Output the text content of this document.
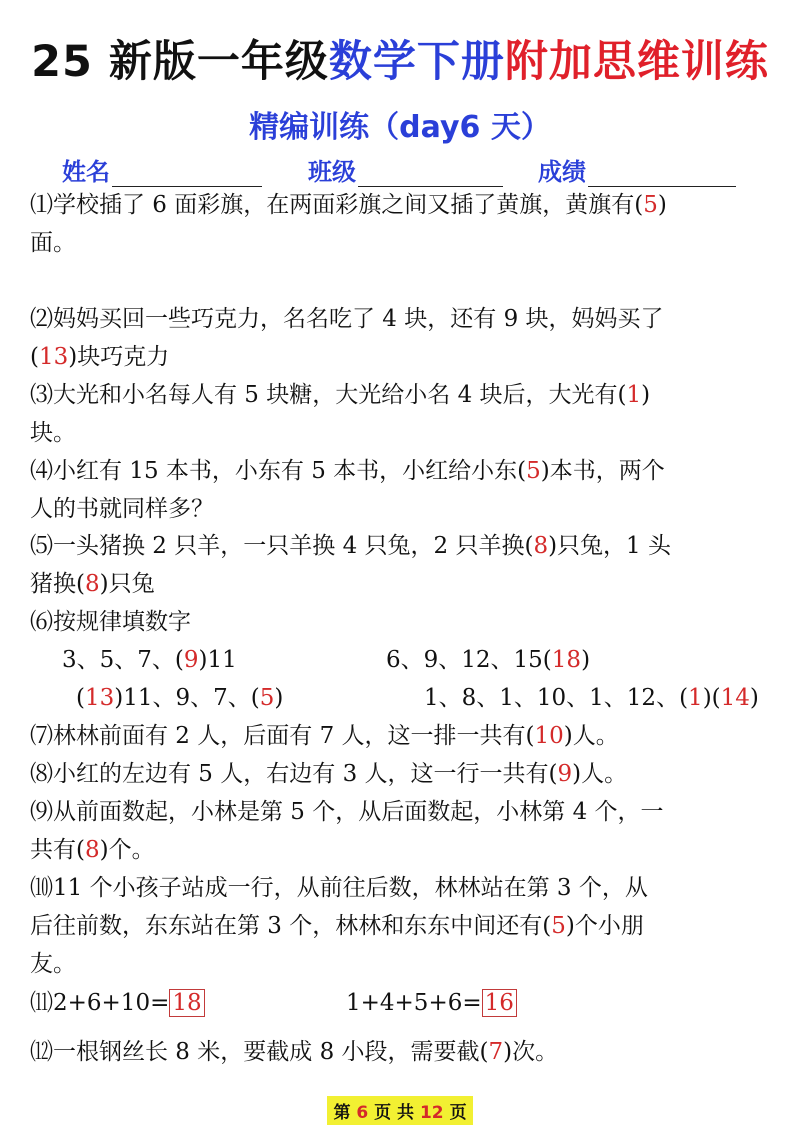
25 新版一年级数学下册附加思维训练
精编训练（day6 天）
姓名	班级	成绩
⑴学校插了 6 面彩旗，在两面彩旗之间又插了黄旗，黄旗有(5)
面。
⑵妈妈买回一些巧克力，名名吃了 4 块，还有 9 块，妈妈买了
(13)块巧克力
⑶大光和小名每人有 5 块糖，大光给小名 4 块后，大光有(1)
块。
⑷小红有 15 本书，小东有 5 本书，小红给小东(5)本书，两个
人的书就同样多？
⑸一头猪换 2 只羊，一只羊换 4 只兔，2 只羊换(8)只兔，1 头
猪换(8)只兔
⑹按规律填数字
3、5、7、(9)11	6、9、12、15(18)
(13)11、9、7、(5)	1、8、1、10、1、12、(1)(14)
⑺林林前面有 2 人，后面有 7 人，这一排一共有(10)人。
⑻小红的左边有 5 人，右边有 3 人，这一行一共有(9)人。
⑼从前面数起，小林是第 5 个，从后面数起，小林第 4 个，一
共有(8)个。
⑽11 个小孩子站成一行，从前往后数，林林站在第 3 个，从
后往前数，东东站在第 3 个，林林和东东中间还有(5)个小朋
友。
⑾2+6+10= 18	1+4+5+6= 16
⑿一根钢丝长 8 米，要截成 8 小段，需要截(7)次。
第 6 页 共 12 页
